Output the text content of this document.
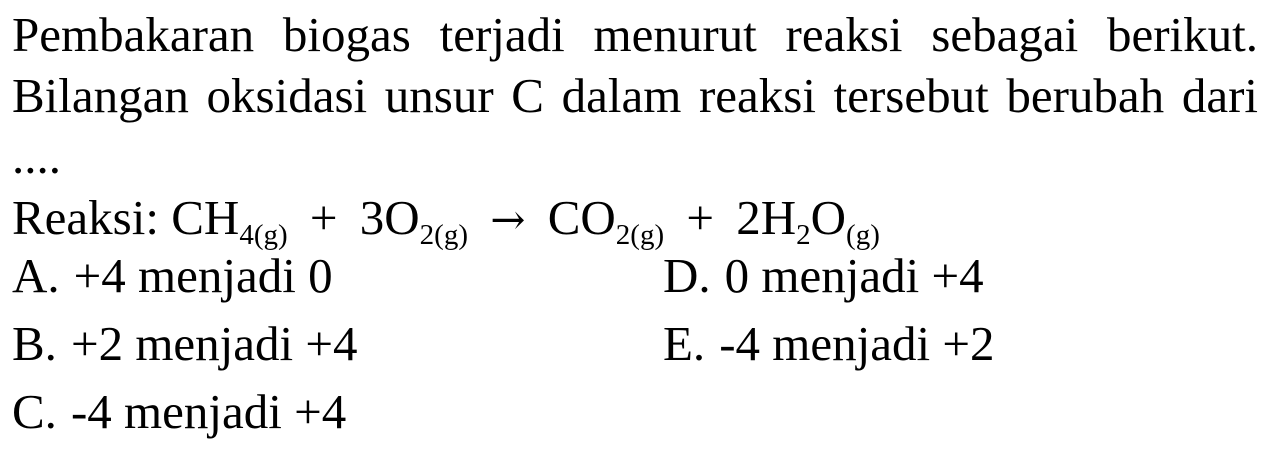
Pembakaran biogas terjadi menurut reaksi sebagai berikut. Bilangan oksidasi unsur C dalam reaksi tersebut berubah dari ....

Reaksi: $CH_{4(g)} + 3O_{2(g)} \to CO_{2(g)} + 2H_2O_{(g)}$
A. +4 menjadi 0
B. +2 menjadi +4
C. -4 menjadi +4
D. 0 menjadi +4
E. -4 menjadi +2
